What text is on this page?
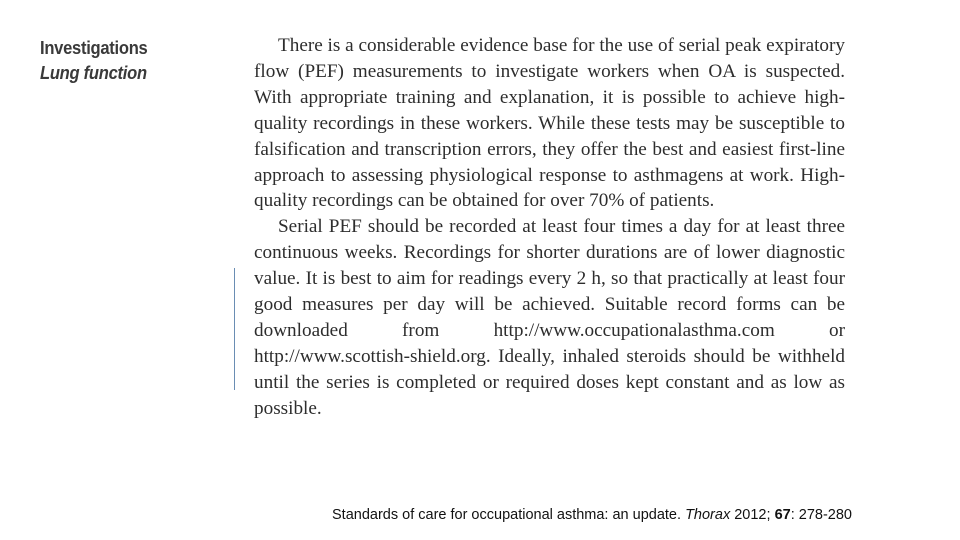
Investigations
Lung function

There is a considerable evidence base for the use of serial peak expiratory flow (PEF) measurements to investigate workers when OA is suspected. With appropriate training and explanation, it is possible to achieve high-quality recordings in these workers. While these tests may be susceptible to falsification and transcription errors, they offer the best and easiest first-line approach to assessing physiological response to asthmagens at work. High-quality recordings can be obtained for over 70% of patients.

Serial PEF should be recorded at least four times a day for at least three continuous weeks. Recordings for shorter durations are of lower diagnostic value. It is best to aim for readings every 2 h, so that practically at least four good measures per day will be achieved. Suitable record forms can be downloaded from http://www.occupationalasthma.com or http://www.scottish-shield.org. Ideally, inhaled steroids should be withheld until the series is completed or required doses kept constant and as low as possible.

Standards of care for occupational asthma: an update. Thorax 2012; 67: 278-280
